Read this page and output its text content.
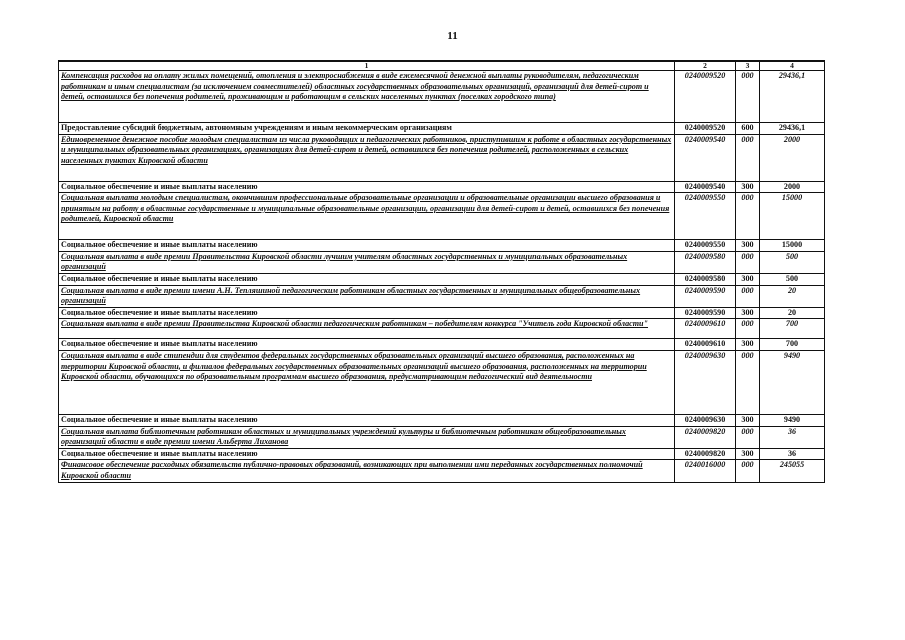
11
1	2	3	4
Компенсация расходов на оплату жилых помещений, отопления и электроснабжения в виде ежемесячной денежной выплаты руководителям, педагогическим работникам и иным специалистам (за исключением совместителей) областных государственных образовательных организаций, организаций для детей-сирот и детей, оставшихся без попечения родителей, проживающим и работающим в сельских населенных пунктах (поселках городского типа)	0240009520	000	29436,1
Предоставление субсидий бюджетным, автономным учреждениям и иным некоммерческим организациям	0240009520	600	29436,1
Единовременное денежное пособие молодым специалистам из числа руководящих и педагогических работников, приступившим к работе в областных государственных и муниципальных образовательных организациях, организациях для детей-сирот и детей, оставшихся без попечения родителей, расположенных в сельских населенных пунктах Кировской области	0240009540	000	2000
Социальное обеспечение и иные выплаты населению	0240009540	300	2000
Социальная выплата молодым специалистам, окончившим профессиональные образовательные организации и образовательные организации высшего образования и принятым на работу в областные государственные и муниципальные образовательные организации, организации для детей-сирот и детей, оставшихся без попечения родителей, Кировской области	0240009550	000	15000
Социальное обеспечение и иные выплаты населению	0240009550	300	15000
Социальная выплата в виде премии Правительства Кировской области лучшим учителям областных государственных и муниципальных образовательных организаций	0240009580	000	500
Социальное обеспечение и иные выплаты населению	0240009580	300	500
Социальная выплата в виде премии имени А.Н. Тепляшиной педагогическим работникам областных государственных и муниципальных общеобразовательных организаций	0240009590	000	20
Социальное обеспечение и иные выплаты населению	0240009590	300	20
Социальная выплата в виде премии Правительства Кировской области педагогическим работникам – победителям конкурса "Учитель года Кировской области"	0240009610	000	700
Социальное обеспечение и иные выплаты населению	0240009610	300	700
Социальная выплата в виде стипендии для студентов федеральных государственных образовательных организаций высшего образования, расположенных на территории Кировской области, и филиалов федеральных государственных образовательных организаций высшего образования, расположенных на территории Кировской области, обучающихся по образовательным программам высшего образования, предусматривающим педагогический вид деятельности	0240009630	000	9490
Социальное обеспечение и иные выплаты населению	0240009630	300	9490
Социальная выплата библиотечным работникам областных и муниципальных учреждений культуры и библиотечным работникам общеобразовательных организаций области в виде премии имени Альберта Лиханова	0240009820	000	36
Социальное обеспечение и иные выплаты населению	0240009820	300	36
Финансовое обеспечение расходных обязательств публично-правовых образований, возникающих при выполнении ими переданных государственных полномочий Кировской области	0240016000	000	245055
